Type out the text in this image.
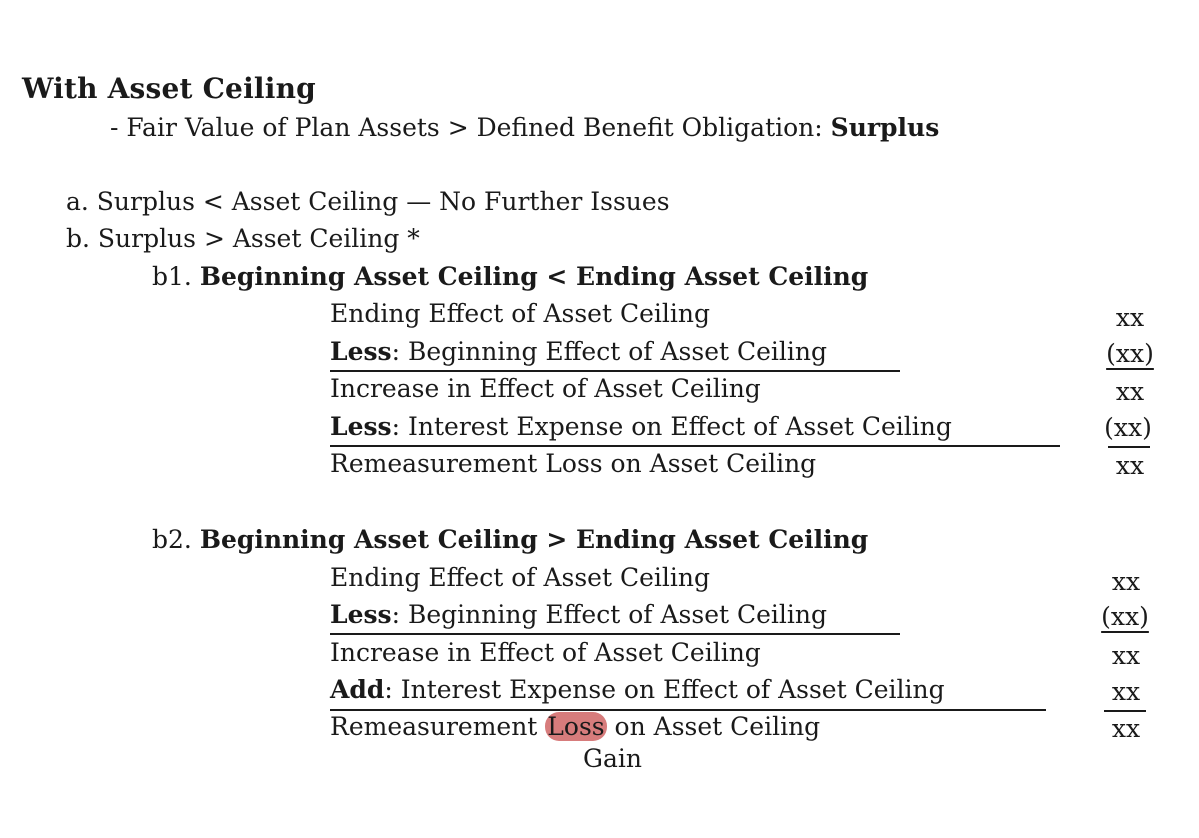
With Asset Ceiling
- Fair Value of Plan Assets > Defined Benefit Obligation: Surplus
a. Surplus < Asset Ceiling — No Further Issues
b. Surplus > Asset Ceiling *
b1. Beginning Asset Ceiling < Ending Asset Ceiling
Ending Effect of Asset Ceiling	xx
Less: Beginning Effect of Asset Ceiling	(xx)
Increase in Effect of Asset Ceiling	xx
Less: Interest Expense on Effect of Asset Ceiling	(xx)
Remeasurement Loss on Asset Ceiling	xx
b2. Beginning Asset Ceiling > Ending Asset Ceiling
Ending Effect of Asset Ceiling	xx
Less: Beginning Effect of Asset Ceiling	(xx)
Increase in Effect of Asset Ceiling	xx
Add: Interest Expense on Effect of Asset Ceiling	xx
Remeasurement Loss on Asset Ceiling	xx
Gain
